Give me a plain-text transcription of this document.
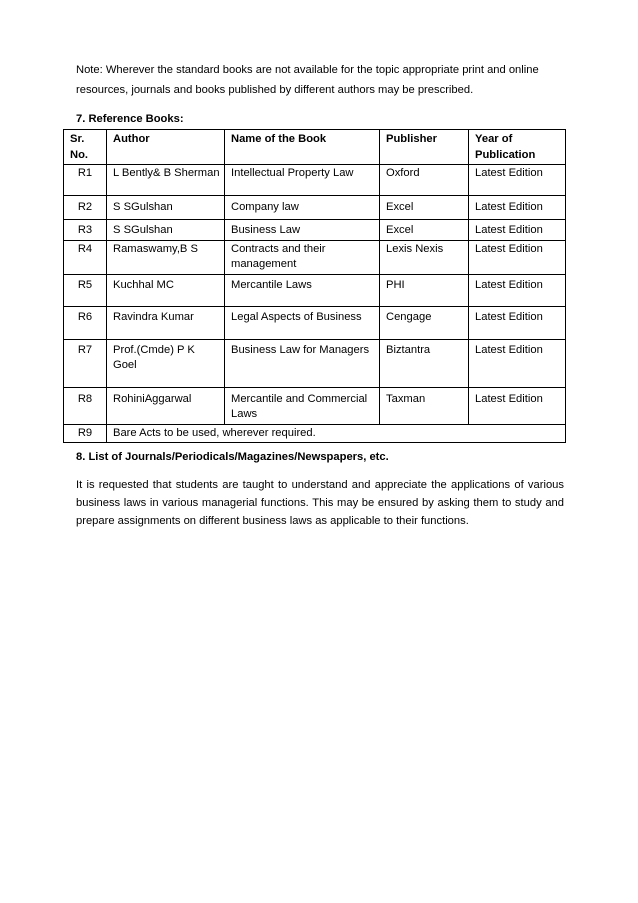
Note: Wherever the standard books are not available for the topic appropriate print and online resources, journals and books published by different authors may be prescribed.
7. Reference Books:
Sr. No.	Author	Name of the Book	Publisher	Year of Publication
R1	L Bently& B Sherman	Intellectual Property Law	Oxford	Latest Edition
R2	S SGulshan	Company law	Excel	Latest Edition
R3	S SGulshan	Business Law	Excel	Latest Edition
R4	Ramaswamy,B S	Contracts and their management	Lexis Nexis	Latest Edition
R5	Kuchhal MC	Mercantile Laws	PHI	Latest Edition
R6	Ravindra Kumar	Legal Aspects of Business	Cengage	Latest Edition
R7	Prof.(Cmde) P K Goel	Business Law for Managers	Biztantra	Latest Edition
R8	RohiniAggarwal	Mercantile and Commercial Laws	Taxman	Latest Edition
R9	Bare Acts to be used, wherever required.			
8. List of Journals/Periodicals/Magazines/Newspapers, etc.
It is requested that students are taught to understand and appreciate the applications of various business laws in various managerial functions. This may be ensured by asking them to study and prepare assignments on different business laws as applicable to their functions.
